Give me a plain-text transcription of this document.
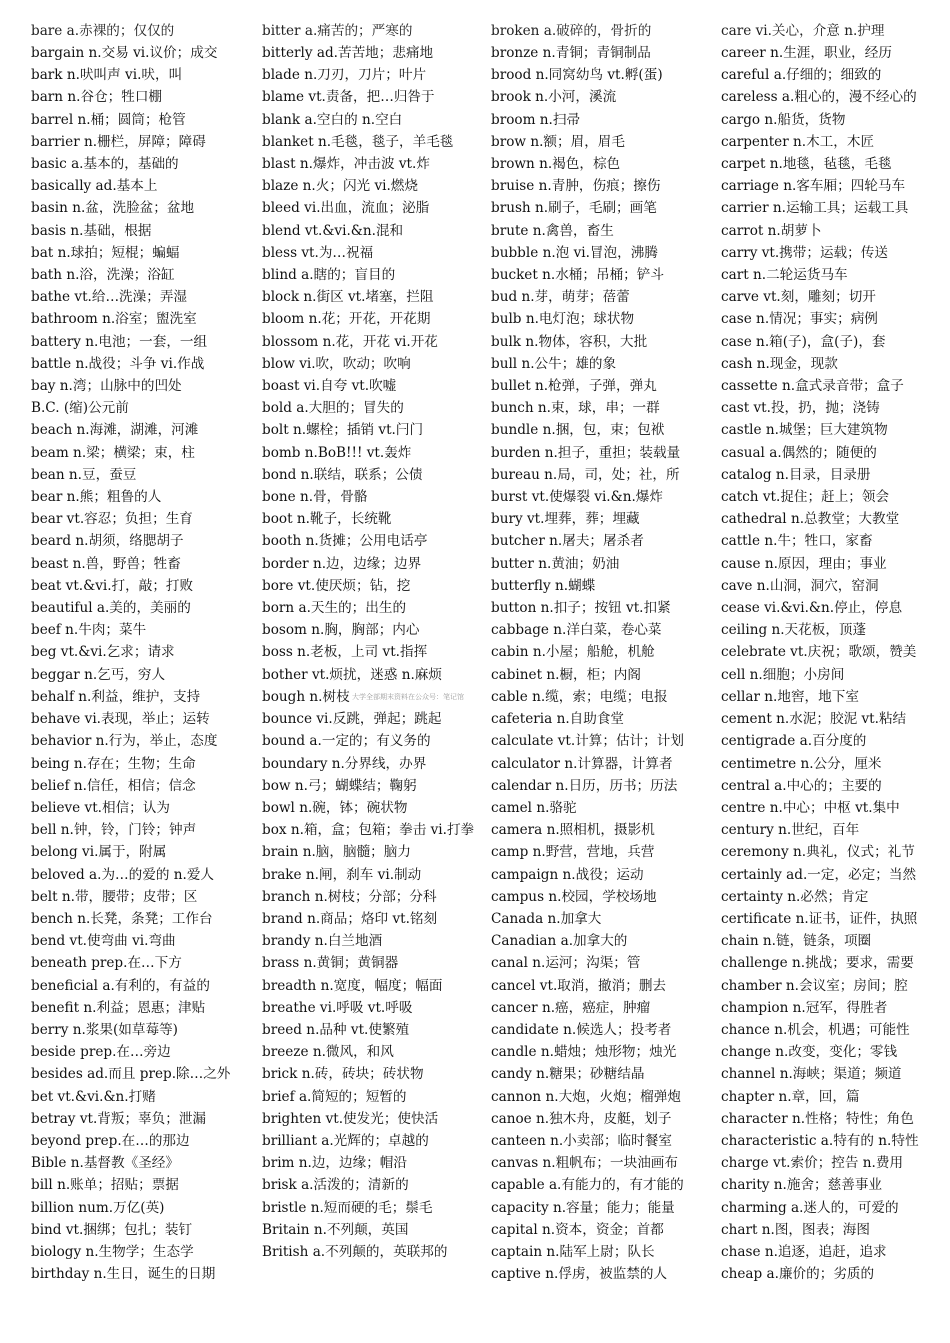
bare a.赤裸的；仅仅的
bargain n.交易 vi.议价；成交
bark n.吠叫声 vi.吠，叫
barn n.谷仓；牲口棚
barrel n.桶；圆筒；枪管
barrier n.栅栏，屏障；障碍
basic a.基本的，基础的
basically ad.基本上
basin n.盆，洗脸盆；盆地
basis n.基础，根据
bat n.球拍；短棍；蝙蝠
bath n.浴，洗澡；浴缸
bathe vt.给…洗澡；弄湿
bathroom n.浴室；盥洗室
battery n.电池；一套，一组
battle n.战役；斗争 vi.作战
bay n.湾；山脉中的凹处
B.C. (缩)公元前
beach n.海滩，湖滩，河滩
beam n.梁；横梁；束，柱
bean n.豆，蚕豆
bear n.熊；粗鲁的人
bear vt.容忍；负担；生育
beard n.胡须，络腮胡子
beast n.兽，野兽；牲畜
beat vt.&vi.打，敲；打败
beautiful a.美的，美丽的
beef n.牛肉；菜牛
beg vt.&vi.乞求；请求
beggar n.乞丐，穷人
behalf n.利益，维护，支持
behave vi.表现，举止；运转
behavior n.行为，举止，态度
being n.存在；生物；生命
belief n.信任，相信；信念
believe vt.相信；认为
bell n.钟，铃，门铃；钟声
belong vi.属于，附属
beloved a.为…的爱的 n.爱人
belt n.带，腰带；皮带；区
bench n.长凳，条凳；工作台
bend vt.使弯曲 vi.弯曲
beneath prep.在…下方
beneficial a.有利的，有益的
benefit n.利益；恩惠；津贴
berry n.浆果(如草莓等)
beside prep.在…旁边
besides ad.而且 prep.除…之外
bet vt.&vi.&n.打赌
betray vt.背叛；辜负；泄漏
beyond prep.在…的那边
Bible n.基督教《圣经》
bill n.账单；招贴；票据
billion num.万亿(英)
bind vt.捆绑；包扎；装钉
biology n.生物学；生态学
birthday n.生日，诞生的日期
bitter a.痛苦的；严寒的
bitterly ad.苦苦地；悲痛地
blade n.刀刃，刀片；叶片
blame vt.责备，把…归咎于
blank a.空白的 n.空白
blanket n.毛毯，毯子，羊毛毯
blast n.爆炸，冲击波 vt.炸
blaze n.火；闪光 vi.燃烧
bleed vi.出血，流血；泌脂
blend vt.&vi.&n.混和
bless vt.为…祝福
blind a.瞎的；盲目的
block n.街区 vt.堵塞，拦阻
bloom n.花；开花，开花期
blossom n.花，开花 vi.开花
blow vi.吹，吹动；吹响
boast vi.自夸 vt.吹嘘
bold a.大胆的；冒失的
bolt n.螺栓；插销 vt.闩门
bomb n.BoB!!! vt.轰炸
bond n.联结，联系；公债
bone n.骨，骨骼
boot n.靴子，长统靴
booth n.货摊；公用电话亭
border n.边，边缘；边界
bore vt.使厌烦；钻，挖
born a.天生的；出生的
bosom n.胸，胸部；内心
boss n.老板，上司 vt.指挥
bother vt.烦扰，迷惑 n.麻烦
bough n.树枝
bounce vi.反跳，弹起；跳起
bound a.一定的；有义务的
boundary n.分界线，办界
bow n.弓；蝴蝶结；鞠躬
bowl n.碗，钵；碗状物
box n.箱，盒；包箱；拳击 vi.打拳
brain n.脑，脑髓；脑力
brake n.闸，刹车 vi.制动
branch n.树枝；分部；分科
brand n.商品；烙印 vt.铭刻
brandy n.白兰地酒
brass n.黄铜；黄铜器
breadth n.宽度，幅度；幅面
breathe vi.呼吸 vt.呼吸
breed n.品种 vt.使繁殖
breeze n.微风，和风
brick n.砖，砖块；砖状物
brief a.简短的；短暂的
brighten vt.使发光；使快活
brilliant a.光辉的；卓越的
brim n.边，边缘；帽沿
brisk a.活泼的；清新的
bristle n.短而硬的毛；鬃毛
Britain n.不列颠，英国
British a.不列颠的，英联邦的
broken a.破碎的，骨折的
bronze n.青铜；青铜制品
brood n.同窝幼鸟 vt.孵(蛋)
brook n.小河，溪流
broom n.扫帚
brow n.额；眉，眉毛
brown n.褐色，棕色
bruise n.青肿，伤痕；擦伤
brush n.刷子，毛刷；画笔
brute n.禽兽，畜生
bubble n.泡 vi.冒泡，沸腾
bucket n.水桶；吊桶；铲斗
bud n.芽，萌芽；蓓蕾
bulb n.电灯泡；球状物
bulk n.物体，容积，大批
bull n.公牛；雄的象
bullet n.枪弹，子弹，弹丸
bunch n.束，球，串；一群
bundle n.捆，包，束；包袱
burden n.担子，重担；装载量
bureau n.局，司，处；社，所
burst vt.使爆裂 vi.&n.爆炸
bury vt.埋葬，葬；埋藏
butcher n.屠夫；屠杀者
butter n.黄油；奶油
butterfly n.蝴蝶
button n.扣子；按钮 vt.扣紧
cabbage n.洋白菜，卷心菜
cabin n.小屋；船舱，机舱
cabinet n.橱，柜；内阁
cable n.缆，索；电缆；电报
cafeteria n.自助食堂
calculate vt.计算；估计；计划
calculator n.计算器，计算者
calendar n.日历，历书；历法
camel n.骆驼
camera n.照相机，摄影机
camp n.野营，营地，兵营
campaign n.战役；运动
campus n.校园，学校场地
Canada n.加拿大
Canadian a.加拿大的
canal n.运河；沟渠；管
cancel vt.取消，撤消；删去
cancer n.癌，癌症，肿瘤
candidate n.候选人；投考者
candle n.蜡烛；烛形物；烛光
candy n.糖果；砂糖结晶
cannon n.大炮，火炮；榴弹炮
canoe n.独木舟，皮艇，划子
canteen n.小卖部；临时餐室
canvas n.粗帆布；一块油画布
capable a.有能力的，有才能的
capacity n.容量；能力；能量
capital n.资本，资金；首都
captain n.陆军上尉；队长
captive n.俘虏，被监禁的人
care vi.关心，介意 n.护理
career n.生涯，职业，经历
careful a.仔细的；细致的
careless a.粗心的，漫不经心的
cargo n.船货，货物
carpenter n.木工，木匠
carpet n.地毯，毡毯，毛毯
carriage n.客车厢；四轮马车
carrier n.运输工具；运载工具
carrot n.胡萝卜
carry vt.携带；运载；传送
cart n.二轮运货马车
carve vt.刻，雕刻；切开
case n.情况；事实；病例
case n.箱(子)，盒(子)，套
cash n.现金，现款
cassette n.盒式录音带；盒子
cast vt.投，扔，抛；浇铸
castle n.城堡；巨大建筑物
casual a.偶然的；随便的
catalog n.目录，目录册
catch vt.捉住；赶上；领会
cathedral n.总教堂；大教堂
cattle n.牛；牲口，家畜
cause n.原因，理由；事业
cave n.山洞，洞穴，窑洞
cease vi.&vi.&n.停止，停息
ceiling n.天花板，顶蓬
celebrate vt.庆祝；歌颂，赞美
cell n.细胞；小房间
cellar n.地窖，地下室
cement n.水泥；胶泥 vt.粘结
centigrade a.百分度的
centimetre n.公分，厘米
central a.中心的；主要的
centre n.中心；中枢 vt.集中
century n.世纪，百年
ceremony n.典礼，仪式；礼节
certainly ad.一定，必定；当然
certainty n.必然；肯定
certificate n.证书，证件，执照
chain n.链，链条，项圈
challenge n.挑战；要求，需要
chamber n.会议室；房间；腔
champion n.冠军，得胜者
chance n.机会，机遇；可能性
change n.改变，变化；零钱
channel n.海峡；渠道；频道
chapter n.章，回，篇
character n.性格；特性；角色
characteristic a.特有的 n.特性
charge vt.索价；控告 n.费用
charity n.施舍；慈善事业
charming a.迷人的，可爱的
chart n.图，图表；海图
chase n.追逐，追赶，追求
cheap a.廉价的；劣质的
大学全部期末资料在公众号：笔记馆
